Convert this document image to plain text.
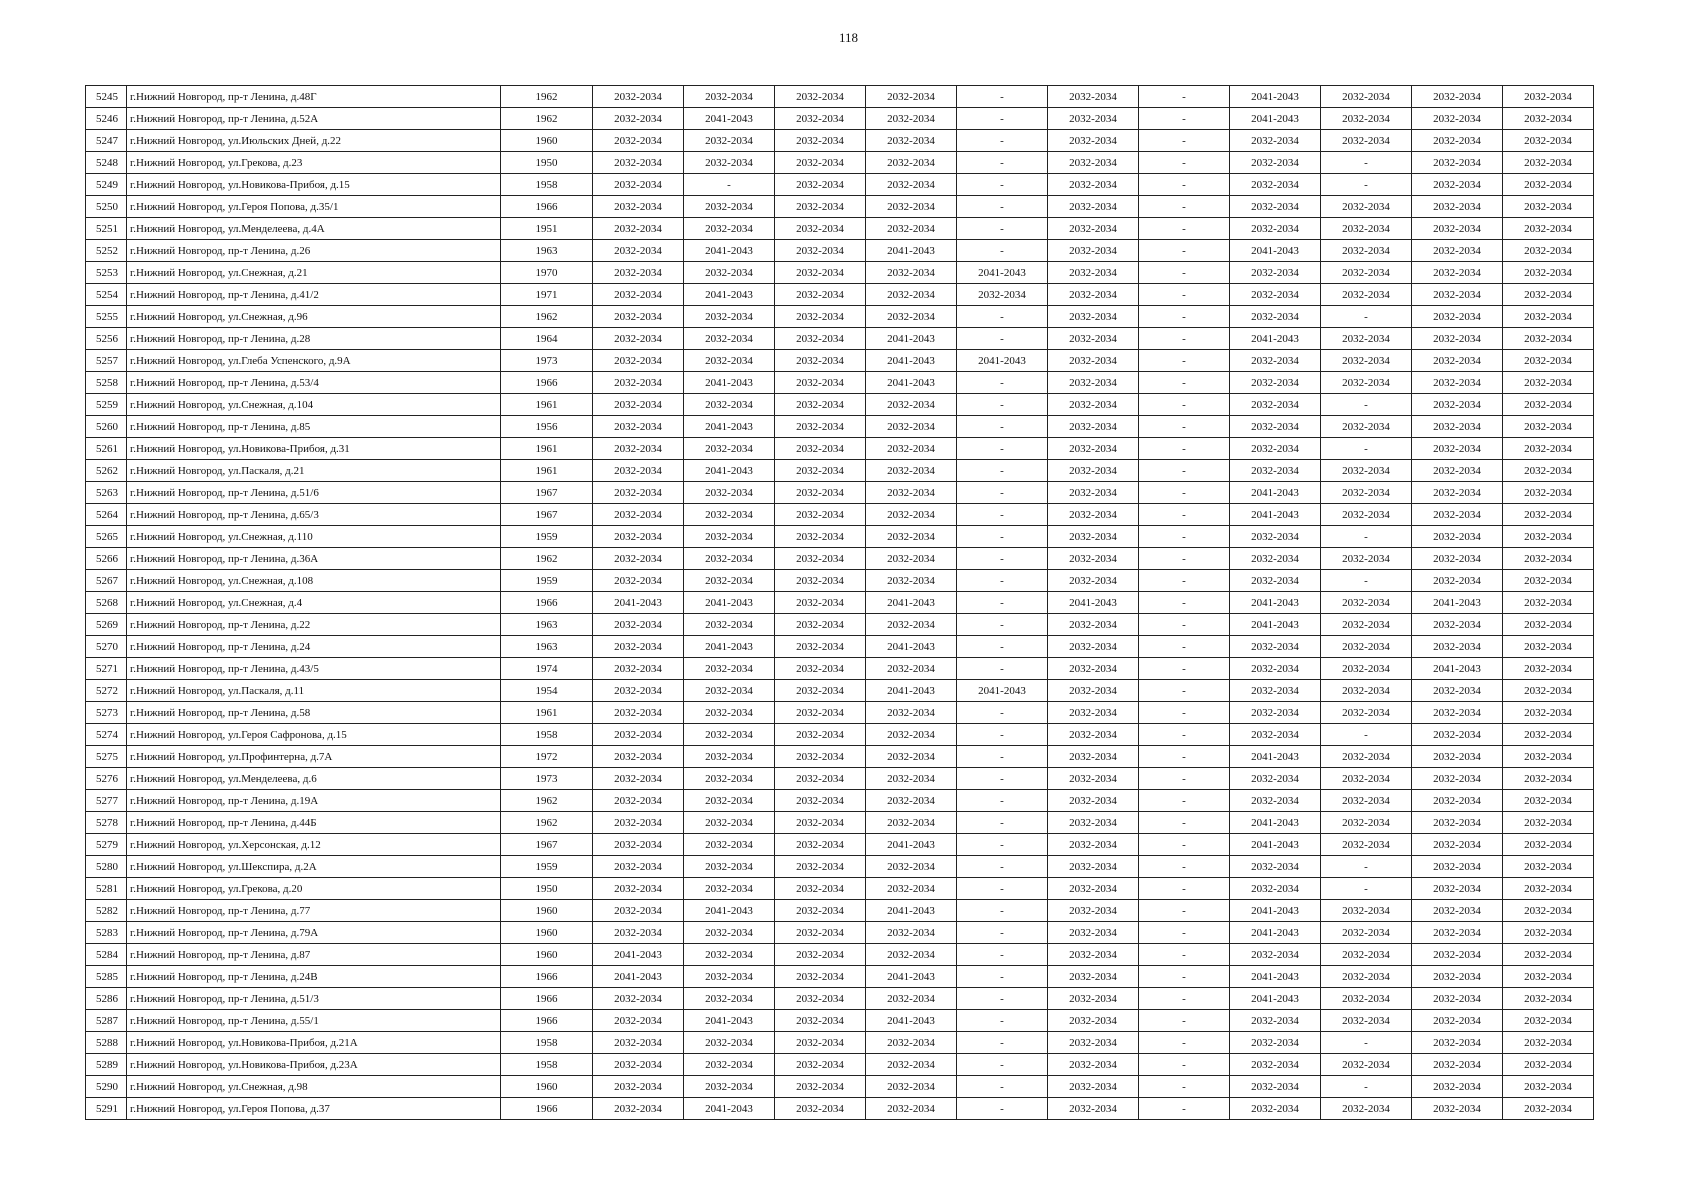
118
5245	г.Нижний Новгород, пр-т Ленина, д.48Г	1962	2032-2034	2032-2034	2032-2034	2032-2034	-	2032-2034	-	2041-2043	2032-2034	2032-2034	2032-2034
5246	г.Нижний Новгород, пр-т Ленина, д.52А	1962	2032-2034	2041-2043	2032-2034	2032-2034	-	2032-2034	-	2041-2043	2032-2034	2032-2034	2032-2034
5247	г.Нижний Новгород, ул.Июльских Дней, д.22	1960	2032-2034	2032-2034	2032-2034	2032-2034	-	2032-2034	-	2032-2034	2032-2034	2032-2034	2032-2034
5248	г.Нижний Новгород, ул.Грекова, д.23	1950	2032-2034	2032-2034	2032-2034	2032-2034	-	2032-2034	-	2032-2034	-	2032-2034	2032-2034
5249	г.Нижний Новгород, ул.Новикова-Прибоя, д.15	1958	2032-2034	-	2032-2034	2032-2034	-	2032-2034	-	2032-2034	-	2032-2034	2032-2034
5250	г.Нижний Новгород, ул.Героя Попова, д.35/1	1966	2032-2034	2032-2034	2032-2034	2032-2034	-	2032-2034	-	2032-2034	2032-2034	2032-2034	2032-2034
5251	г.Нижний Новгород, ул.Менделеева, д.4А	1951	2032-2034	2032-2034	2032-2034	2032-2034	-	2032-2034	-	2032-2034	2032-2034	2032-2034	2032-2034
5252	г.Нижний Новгород, пр-т Ленина, д.26	1963	2032-2034	2041-2043	2032-2034	2041-2043	-	2032-2034	-	2041-2043	2032-2034	2032-2034	2032-2034
5253	г.Нижний Новгород, ул.Снежная, д.21	1970	2032-2034	2032-2034	2032-2034	2032-2034	2041-2043	2032-2034	-	2032-2034	2032-2034	2032-2034	2032-2034
5254	г.Нижний Новгород, пр-т Ленина, д.41/2	1971	2032-2034	2041-2043	2032-2034	2032-2034	2032-2034	2032-2034	-	2032-2034	2032-2034	2032-2034	2032-2034
5255	г.Нижний Новгород, ул.Снежная, д.96	1962	2032-2034	2032-2034	2032-2034	2032-2034	-	2032-2034	-	2032-2034	-	2032-2034	2032-2034
5256	г.Нижний Новгород, пр-т Ленина, д.28	1964	2032-2034	2032-2034	2032-2034	2041-2043	-	2032-2034	-	2041-2043	2032-2034	2032-2034	2032-2034
5257	г.Нижний Новгород, ул.Глеба Успенского, д.9А	1973	2032-2034	2032-2034	2032-2034	2041-2043	2041-2043	2032-2034	-	2032-2034	2032-2034	2032-2034	2032-2034
5258	г.Нижний Новгород, пр-т Ленина, д.53/4	1966	2032-2034	2041-2043	2032-2034	2041-2043	-	2032-2034	-	2032-2034	2032-2034	2032-2034	2032-2034
5259	г.Нижний Новгород, ул.Снежная, д.104	1961	2032-2034	2032-2034	2032-2034	2032-2034	-	2032-2034	-	2032-2034	-	2032-2034	2032-2034
5260	г.Нижний Новгород, пр-т Ленина, д.85	1956	2032-2034	2041-2043	2032-2034	2032-2034	-	2032-2034	-	2032-2034	2032-2034	2032-2034	2032-2034
5261	г.Нижний Новгород, ул.Новикова-Прибоя, д.31	1961	2032-2034	2032-2034	2032-2034	2032-2034	-	2032-2034	-	2032-2034	-	2032-2034	2032-2034
5262	г.Нижний Новгород, ул.Паскаля, д.21	1961	2032-2034	2041-2043	2032-2034	2032-2034	-	2032-2034	-	2032-2034	2032-2034	2032-2034	2032-2034
5263	г.Нижний Новгород, пр-т Ленина, д.51/6	1967	2032-2034	2032-2034	2032-2034	2032-2034	-	2032-2034	-	2041-2043	2032-2034	2032-2034	2032-2034
5264	г.Нижний Новгород, пр-т Ленина, д.65/3	1967	2032-2034	2032-2034	2032-2034	2032-2034	-	2032-2034	-	2041-2043	2032-2034	2032-2034	2032-2034
5265	г.Нижний Новгород, ул.Снежная, д.110	1959	2032-2034	2032-2034	2032-2034	2032-2034	-	2032-2034	-	2032-2034	-	2032-2034	2032-2034
5266	г.Нижний Новгород, пр-т Ленина, д.36А	1962	2032-2034	2032-2034	2032-2034	2032-2034	-	2032-2034	-	2032-2034	2032-2034	2032-2034	2032-2034
5267	г.Нижний Новгород, ул.Снежная, д.108	1959	2032-2034	2032-2034	2032-2034	2032-2034	-	2032-2034	-	2032-2034	-	2032-2034	2032-2034
5268	г.Нижний Новгород, ул.Снежная, д.4	1966	2041-2043	2041-2043	2032-2034	2041-2043	-	2041-2043	-	2041-2043	2032-2034	2041-2043	2032-2034
5269	г.Нижний Новгород, пр-т Ленина, д.22	1963	2032-2034	2032-2034	2032-2034	2032-2034	-	2032-2034	-	2041-2043	2032-2034	2032-2034	2032-2034
5270	г.Нижний Новгород, пр-т Ленина, д.24	1963	2032-2034	2041-2043	2032-2034	2041-2043	-	2032-2034	-	2032-2034	2032-2034	2032-2034	2032-2034
5271	г.Нижний Новгород, пр-т Ленина, д.43/5	1974	2032-2034	2032-2034	2032-2034	2032-2034	-	2032-2034	-	2032-2034	2032-2034	2041-2043	2032-2034
5272	г.Нижний Новгород, ул.Паскаля, д.11	1954	2032-2034	2032-2034	2032-2034	2041-2043	2041-2043	2032-2034	-	2032-2034	2032-2034	2032-2034	2032-2034
5273	г.Нижний Новгород, пр-т Ленина, д.58	1961	2032-2034	2032-2034	2032-2034	2032-2034	-	2032-2034	-	2032-2034	2032-2034	2032-2034	2032-2034
5274	г.Нижний Новгород, ул.Героя Сафронова, д.15	1958	2032-2034	2032-2034	2032-2034	2032-2034	-	2032-2034	-	2032-2034	-	2032-2034	2032-2034
5275	г.Нижний Новгород, ул.Профинтерна, д.7А	1972	2032-2034	2032-2034	2032-2034	2032-2034	-	2032-2034	-	2041-2043	2032-2034	2032-2034	2032-2034
5276	г.Нижний Новгород, ул.Менделеева, д.6	1973	2032-2034	2032-2034	2032-2034	2032-2034	-	2032-2034	-	2032-2034	2032-2034	2032-2034	2032-2034
5277	г.Нижний Новгород, пр-т Ленина, д.19А	1962	2032-2034	2032-2034	2032-2034	2032-2034	-	2032-2034	-	2032-2034	2032-2034	2032-2034	2032-2034
5278	г.Нижний Новгород, пр-т Ленина, д.44Б	1962	2032-2034	2032-2034	2032-2034	2032-2034	-	2032-2034	-	2041-2043	2032-2034	2032-2034	2032-2034
5279	г.Нижний Новгород, ул.Херсонская, д.12	1967	2032-2034	2032-2034	2032-2034	2041-2043	-	2032-2034	-	2041-2043	2032-2034	2032-2034	2032-2034
5280	г.Нижний Новгород, ул.Шекспира, д.2А	1959	2032-2034	2032-2034	2032-2034	2032-2034	-	2032-2034	-	2032-2034	-	2032-2034	2032-2034
5281	г.Нижний Новгород, ул.Грекова, д.20	1950	2032-2034	2032-2034	2032-2034	2032-2034	-	2032-2034	-	2032-2034	-	2032-2034	2032-2034
5282	г.Нижний Новгород, пр-т Ленина, д.77	1960	2032-2034	2041-2043	2032-2034	2041-2043	-	2032-2034	-	2041-2043	2032-2034	2032-2034	2032-2034
5283	г.Нижний Новгород, пр-т Ленина, д.79А	1960	2032-2034	2032-2034	2032-2034	2032-2034	-	2032-2034	-	2041-2043	2032-2034	2032-2034	2032-2034
5284	г.Нижний Новгород, пр-т Ленина, д.87	1960	2041-2043	2032-2034	2032-2034	2032-2034	-	2032-2034	-	2032-2034	2032-2034	2032-2034	2032-2034
5285	г.Нижний Новгород, пр-т Ленина, д.24В	1966	2041-2043	2032-2034	2032-2034	2041-2043	-	2032-2034	-	2041-2043	2032-2034	2032-2034	2032-2034
5286	г.Нижний Новгород, пр-т Ленина, д.51/3	1966	2032-2034	2032-2034	2032-2034	2032-2034	-	2032-2034	-	2041-2043	2032-2034	2032-2034	2032-2034
5287	г.Нижний Новгород, пр-т Ленина, д.55/1	1966	2032-2034	2041-2043	2032-2034	2041-2043	-	2032-2034	-	2032-2034	2032-2034	2032-2034	2032-2034
5288	г.Нижний Новгород, ул.Новикова-Прибоя, д.21А	1958	2032-2034	2032-2034	2032-2034	2032-2034	-	2032-2034	-	2032-2034	-	2032-2034	2032-2034
5289	г.Нижний Новгород, ул.Новикова-Прибоя, д.23А	1958	2032-2034	2032-2034	2032-2034	2032-2034	-	2032-2034	-	2032-2034	2032-2034	2032-2034	2032-2034
5290	г.Нижний Новгород, ул.Снежная, д.98	1960	2032-2034	2032-2034	2032-2034	2032-2034	-	2032-2034	-	2032-2034	-	2032-2034	2032-2034
5291	г.Нижний Новгород, ул.Героя Попова, д.37	1966	2032-2034	2041-2043	2032-2034	2032-2034	-	2032-2034	-	2032-2034	2032-2034	2032-2034	2032-2034
